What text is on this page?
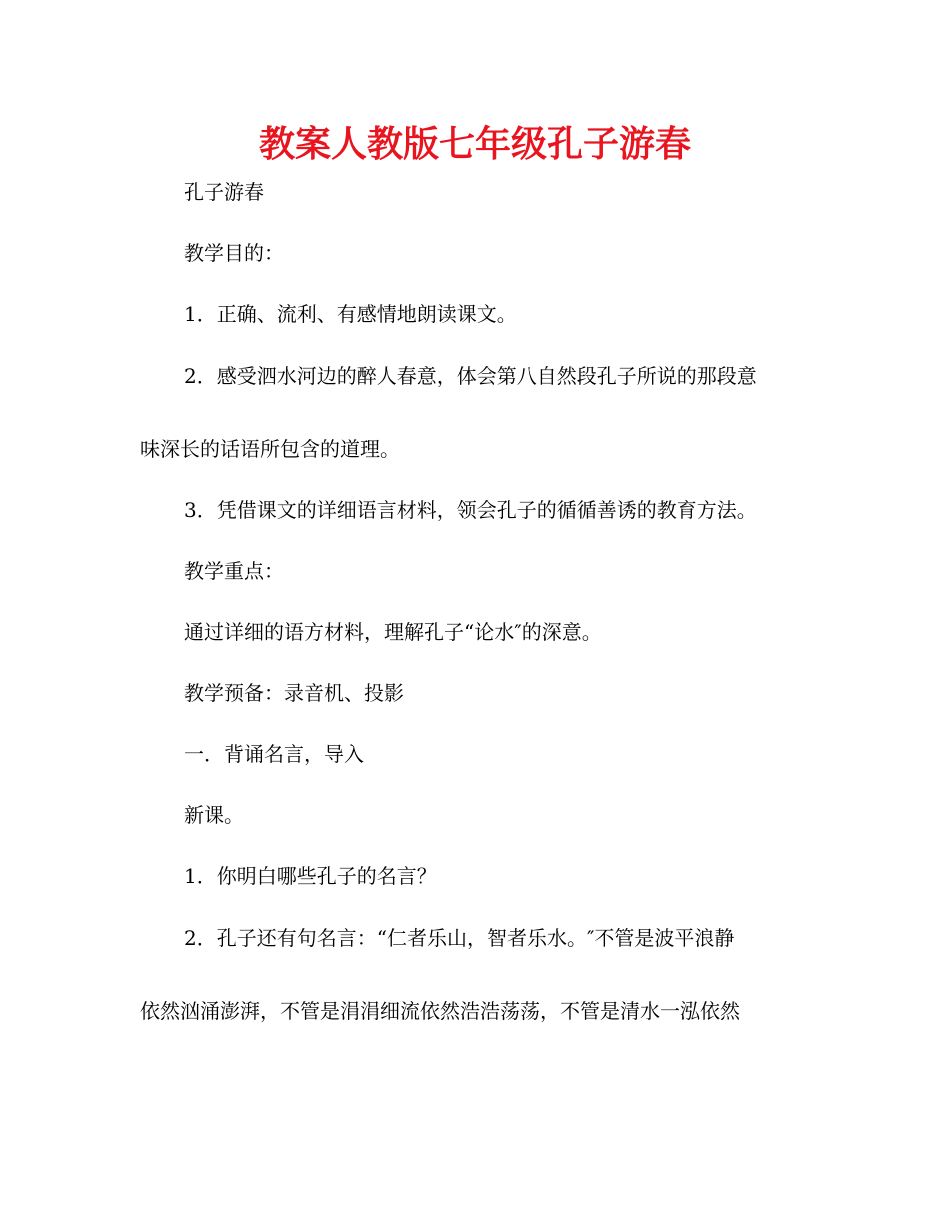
教案人教版七年级孔子游春

孔子游春

教学目的：

1．正确、流利、有感情地朗读课文。

2．感受泗水河边的醉人春意，体会第八自然段孔子所说的那段意

味深长的话语所包含的道理。

3．凭借课文的详细语言材料，领会孔子的循循善诱的教育方法。

教学重点：

通过详细的语方材料，理解孔子“论水″的深意。

教学预备：录音机、投影

一．背诵名言，导入

新课。

1．你明白哪些孔子的名言？

2．孔子还有句名言：“仁者乐山，智者乐水。″不管是波平浪静

依然汹涌澎湃，不管是涓涓细流依然浩浩荡荡，不管是清水一泓依然
